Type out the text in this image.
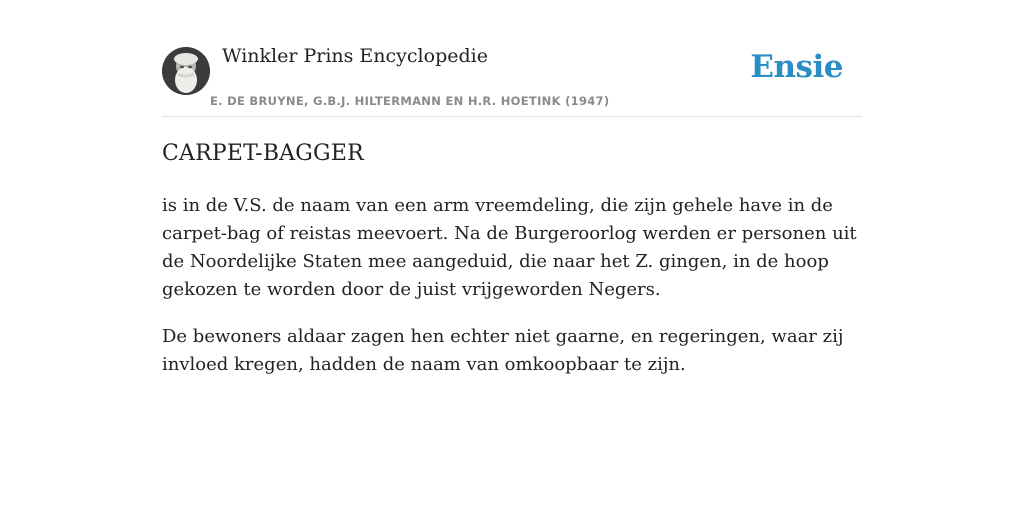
Winkler Prins Encyclopedie
E. DE BRUYNE, G.B.J. HILTERMANN EN H.R. HOETINK (1947)
Ensie
CARPET-BAGGER

is in de V.S. de naam van een arm vreemdeling, die zijn gehele have in de carpet-bag of reistas meevoert. Na de Burgeroorlog werden er personen uit de Noordelijke Staten mee aangeduid, die naar het Z. gingen, in de hoop gekozen te worden door de juist vrijgeworden Negers.

De bewoners aldaar zagen hen echter niet gaarne, en regeringen, waar zij invloed kregen, hadden de naam van omkoopbaar te zijn.
